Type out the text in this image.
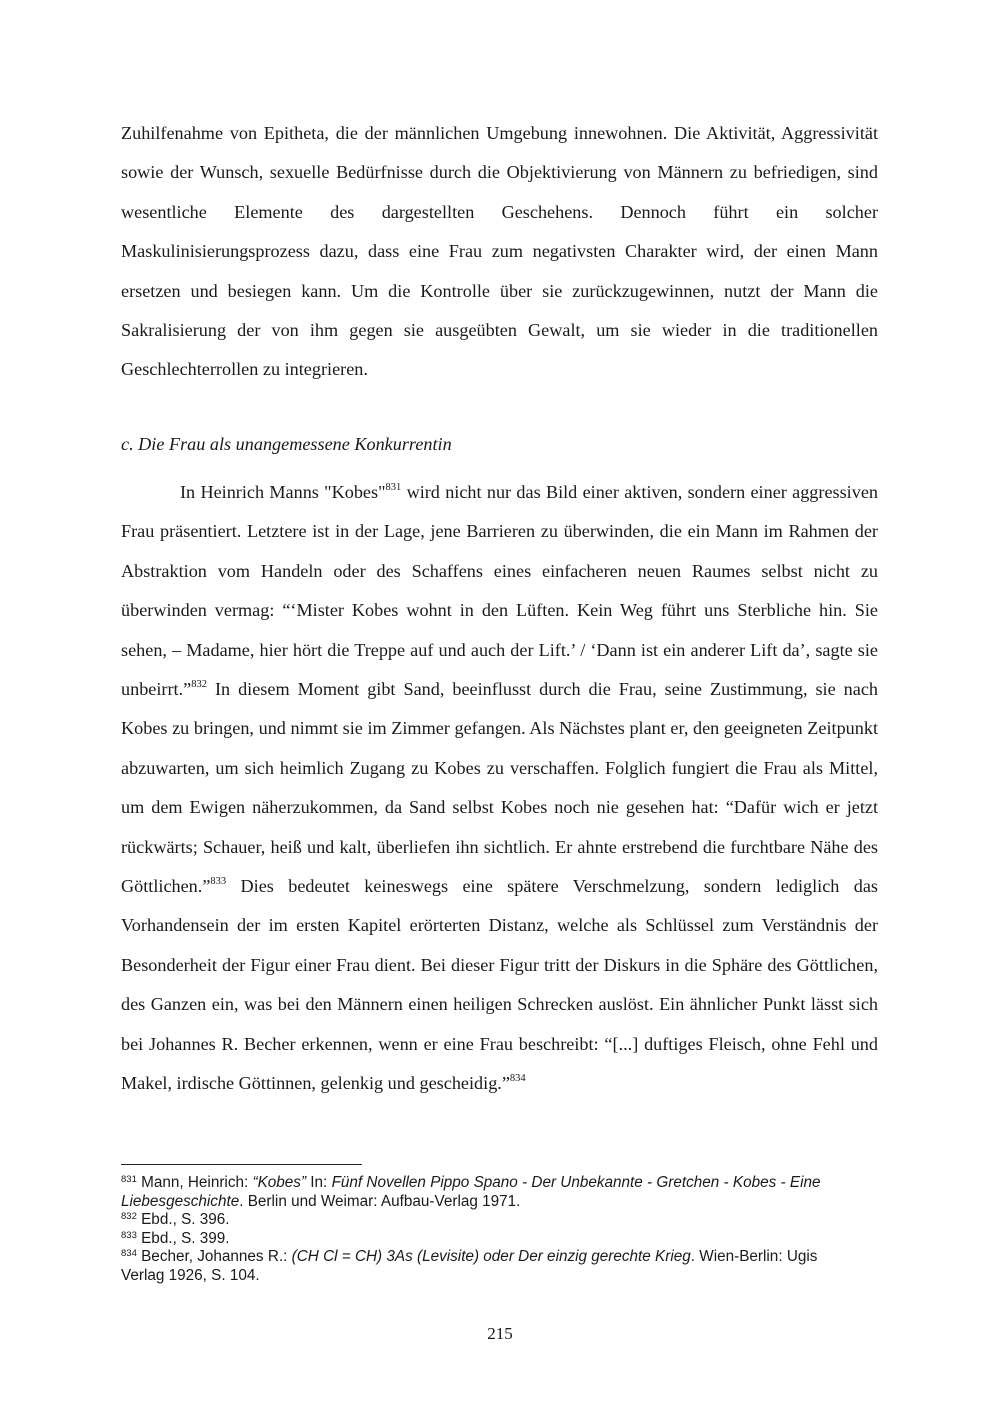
Zuhilfenahme von Epitheta, die der männlichen Umgebung innewohnen. Die Aktivität, Aggressivität sowie der Wunsch, sexuelle Bedürfnisse durch die Objektivierung von Männern zu befriedigen, sind wesentliche Elemente des dargestellten Geschehens. Dennoch führt ein solcher Maskulinisierungsprozess dazu, dass eine Frau zum negativsten Charakter wird, der einen Mann ersetzen und besiegen kann. Um die Kontrolle über sie zurückzugewinnen, nutzt der Mann die Sakralisierung der von ihm gegen sie ausgeübten Gewalt, um sie wieder in die traditionellen Geschlechterrollen zu integrieren.

c. Die Frau als unangemessene Konkurrentin

In Heinrich Manns "Kobes"$^{831}$ wird nicht nur das Bild einer aktiven, sondern einer aggressiven Frau präsentiert. Letztere ist in der Lage, jene Barrieren zu überwinden, die ein Mann im Rahmen der Abstraktion vom Handeln oder des Schaffens eines einfacheren neuen Raumes selbst nicht zu überwinden vermag: “‘Mister Kobes wohnt in den Lüften. Kein Weg führt uns Sterbliche hin. Sie sehen, – Madame, hier hört die Treppe auf und auch der Lift.’ / ‘Dann ist ein anderer Lift da’, sagte sie unbeirrt.”$^{832}$ In diesem Moment gibt Sand, beeinflusst durch die Frau, seine Zustimmung, sie nach Kobes zu bringen, und nimmt sie im Zimmer gefangen. Als Nächstes plant er, den geeigneten Zeitpunkt abzuwarten, um sich heimlich Zugang zu Kobes zu verschaffen. Folglich fungiert die Frau als Mittel, um dem Ewigen näherzukommen, da Sand selbst Kobes noch nie gesehen hat: “Dafür wich er jetzt rückwärts; Schauer, heiß und kalt, überliefen ihn sichtlich. Er ahnte erstrebend die furchtbare Nähe des Göttlichen.”$^{833}$ Dies bedeutet keineswegs eine spätere Verschmelzung, sondern lediglich das Vorhandensein der im ersten Kapitel erörterten Distanz, welche als Schlüssel zum Verständnis der Besonderheit der Figur einer Frau dient. Bei dieser Figur tritt der Diskurs in die Sphäre des Göttlichen, des Ganzen ein, was bei den Männern einen heiligen Schrecken auslöst. Ein ähnlicher Punkt lässt sich bei Johannes R. Becher erkennen, wenn er eine Frau beschreibt: “[...] duftiges Fleisch, ohne Fehl und Makel, irdische Göttinnen, gelenkig und gescheidig.”$^{834}$

$^{831}$ Mann, Heinrich: “Kobes” In: Fünf Novellen Pippo Spano - Der Unbekannte - Gretchen - Kobes - Eine Liebesgeschichte. Berlin und Weimar: Aufbau-Verlag 1971.

$^{832}$ Ebd., S. 396.

$^{833}$ Ebd., S. 399.

$^{834}$ Becher, Johannes R.: (CH Cl = CH) 3As (Levisite) oder Der einzig gerechte Krieg. Wien-Berlin: Ugis Verlag 1926, S. 104.

215
